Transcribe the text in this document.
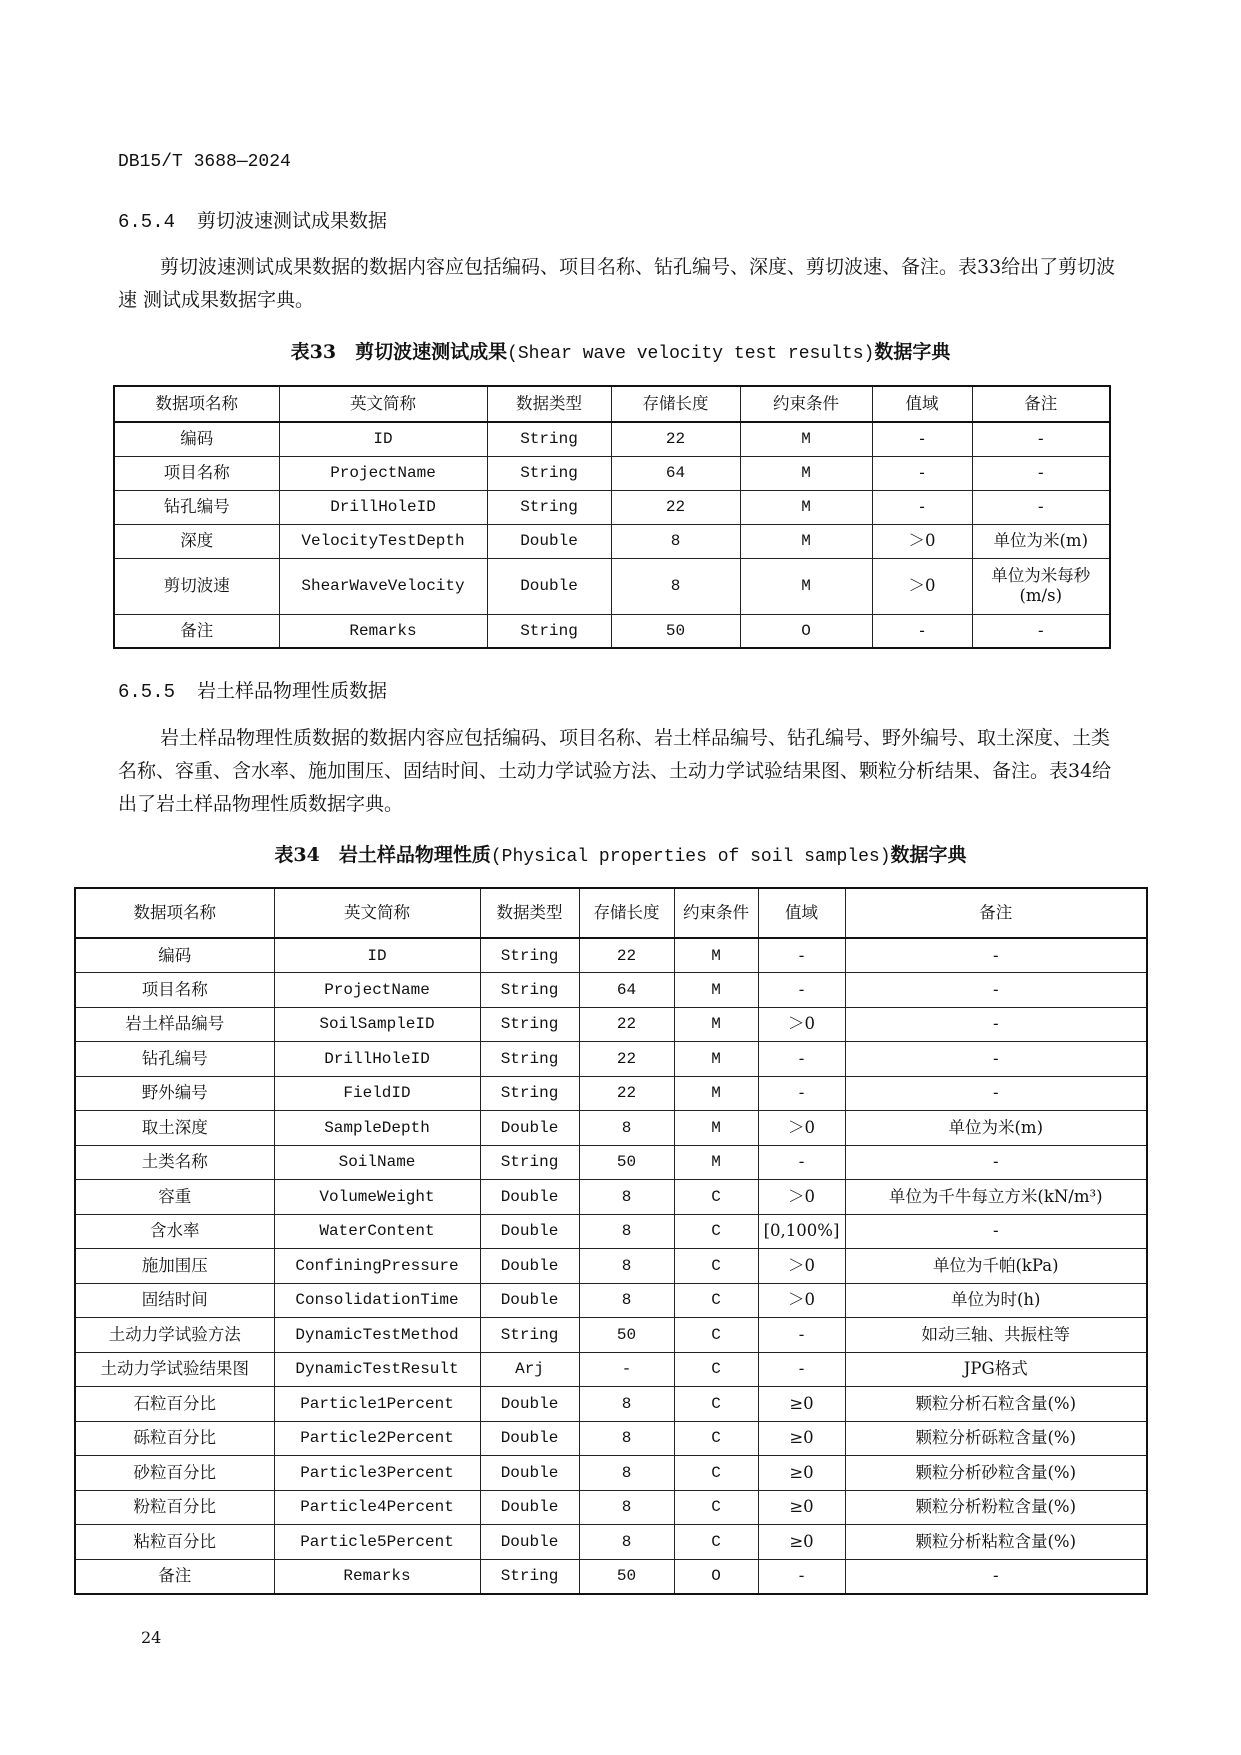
DB15/T 3688—2024
6.5.4 剪切波速测试成果数据
剪切波速测试成果数据的数据内容应包括编码、项目名称、钻孔编号、深度、剪切波速、备注。表33给出了剪切波速 测试成果数据字典。
表33　剪切波速测试成果(Shear wave velocity test results)数据字典
数据项名称	英文简称	数据类型	存储长度	约束条件	值域	备注
编码	ID	String	22	M	-	-
项目名称	ProjectName	String	64	M	-	-
钻孔编号	DrillHoleID	String	22	M	-	-
深度	VelocityTestDepth	Double	8	M	＞0	单位为米(m)
剪切波速	ShearWaveVelocity	Double	8	M	＞0	单位为米每秒(m/s)
备注	Remarks	String	50	O	-	-
6.5.5 岩土样品物理性质数据
岩土样品物理性质数据的数据内容应包括编码、项目名称、岩土样品编号、钻孔编号、野外编号、取土深度、土类名称、容重、含水率、施加围压、固结时间、土动力学试验方法、土动力学试验结果图、颗粒分析结果、备注。表34给出了岩土样品物理性质数据字典。
表34　岩土样品物理性质(Physical properties of soil samples)数据字典
数据项名称	英文简称	数据类型	存储长度	约束条件	值域	备注
编码	ID	String	22	M	-	-
项目名称	ProjectName	String	64	M	-	-
岩土样品编号	SoilSampleID	String	22	M	＞0	-
钻孔编号	DrillHoleID	String	22	M	-	-
野外编号	FieldID	String	22	M	-	-
取土深度	SampleDepth	Double	8	M	＞0	单位为米(m)
土类名称	SoilName	String	50	M	-	-
容重	VolumeWeight	Double	8	C	＞0	单位为千牛每立方米(kN/m³)
含水率	WaterContent	Double	8	C	[0,100%]	-
施加围压	ConfiningPressure	Double	8	C	＞0	单位为千帕(kPa)
固结时间	ConsolidationTime	Double	8	C	＞0	单位为时(h)
土动力学试验方法	DynamicTestMethod	String	50	C	-	如动三轴、共振柱等
土动力学试验结果图	DynamicTestResult	Arj	-	C	-	JPG格式
石粒百分比	Particle1Percent	Double	8	C	≥0	颗粒分析石粒含量(%)
砾粒百分比	Particle2Percent	Double	8	C	≥0	颗粒分析砾粒含量(%)
砂粒百分比	Particle3Percent	Double	8	C	≥0	颗粒分析砂粒含量(%)
粉粒百分比	Particle4Percent	Double	8	C	≥0	颗粒分析粉粒含量(%)
粘粒百分比	Particle5Percent	Double	8	C	≥0	颗粒分析粘粒含量(%)
备注	Remarks	String	50	O	-	-
24
